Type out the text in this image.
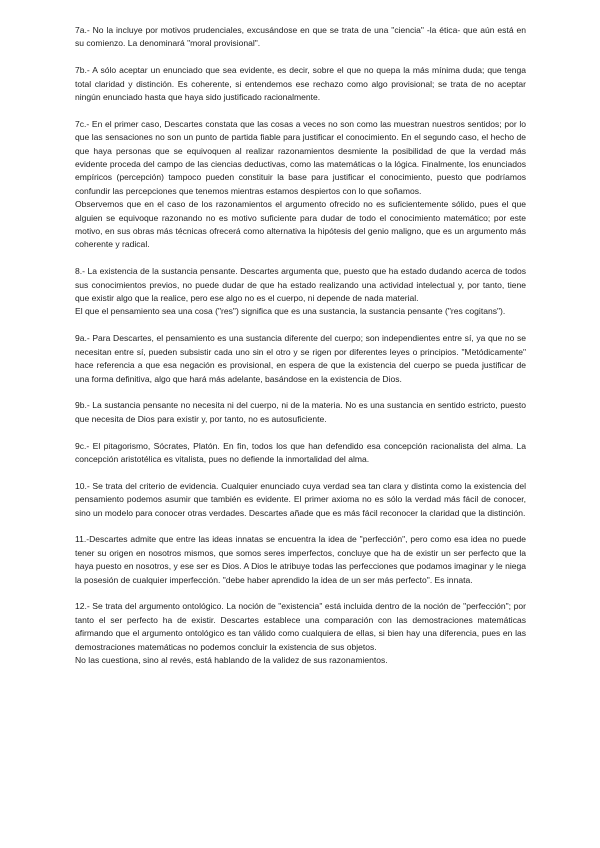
7a.- No la incluye por motivos prudenciales, excusándose en que se trata de una "ciencia" -la ética- que aún está en su comienzo. La denominará "moral provisional".

7b.- A sólo aceptar un enunciado que sea evidente, es decir, sobre el que no quepa la más mínima duda; que tenga total claridad y distinción. Es coherente, si entendemos ese rechazo como algo provisional; se trata de no aceptar ningún enunciado hasta que haya sido justificado racionalmente.

7c.- En el primer caso, Descartes constata que las cosas a veces no son como las muestran nuestros sentidos; por lo que las sensaciones no son un punto de partida fiable para justificar el conocimiento. En el segundo caso, el hecho de que haya personas que se equivoquen al realizar razonamientos desmiente la posibilidad de que la verdad más evidente proceda del campo de las ciencias deductivas, como las matemáticas o la lógica. Finalmente, los enunciados empíricos (percepción) tampoco pueden constituir la base para justificar el conocimiento, puesto que podríamos confundir las percepciones que tenemos mientras estamos despiertos con lo que soñamos.

Observemos que en el caso de los razonamientos el argumento ofrecido no es suficientemente sólido, pues el que alguien se equivoque razonando no es motivo suficiente para dudar de todo el conocimiento matemático; por este motivo, en sus obras más técnicas ofrecerá como alternativa la hipótesis del genio maligno, que es un argumento más coherente y radical.

8.- La existencia de la sustancia pensante. Descartes argumenta que, puesto que ha estado dudando acerca de todos sus conocimientos previos, no puede dudar de que ha estado realizando una actividad intelectual y, por tanto, tiene que existir algo que la realice, pero ese algo no es el cuerpo, ni depende de nada material.

El que el pensamiento sea una cosa ("res") significa que es una sustancia, la sustancia pensante ("res cogitans").

9a.- Para Descartes, el pensamiento es una sustancia diferente del cuerpo; son independientes entre sí, ya que no se necesitan entre sí, pueden subsistir cada uno sin el otro y se rigen por diferentes leyes o principios. "Metódicamente" hace referencia a que esa negación es provisional, en espera de que la existencia del cuerpo se pueda justificar de una forma definitiva, algo que hará más adelante, basándose en la existencia de Dios.

9b.- La sustancia pensante no necesita ni del cuerpo, ni de la materia. No es una sustancia en sentido estricto, puesto que necesita de Dios para existir y, por tanto, no es autosuficiente.

9c.- El pitagorismo, Sócrates, Platón. En fin, todos los que han defendido esa concepción racionalista del alma. La concepción aristotélica es vitalista, pues no defiende la inmortalidad del alma.

10.- Se trata del criterio de evidencia. Cualquier enunciado cuya verdad sea tan clara y distinta como la existencia del pensamiento podemos asumir que también es evidente. El primer axioma no es sólo la verdad más fácil de conocer, sino un modelo para conocer otras verdades. Descartes añade que es más fácil reconocer la claridad que la distinción.

11.-Descartes admite que entre las ideas innatas se encuentra la idea de "perfección", pero como esa idea no puede tener su origen en nosotros mismos, que somos seres imperfectos, concluye que ha de existir un ser perfecto que la haya puesto en nosotros, y ese ser es Dios. A Dios le atribuye todas las perfecciones que podamos imaginar y le niega la posesión de cualquier imperfección. "debe haber aprendido la idea de un ser más perfecto". Es innata.

12.- Se trata del argumento ontológico. La noción de "existencia" está incluida dentro de la noción de "perfección"; por tanto el ser perfecto ha de existir. Descartes establece una comparación con las demostraciones matemáticas afirmando que el argumento ontológico es tan válido como cualquiera de ellas, si bien hay una diferencia, pues en las demostraciones matemáticas no podemos concluir la existencia de sus objetos.

No las cuestiona, sino al revés, está hablando de la validez de sus razonamientos.
